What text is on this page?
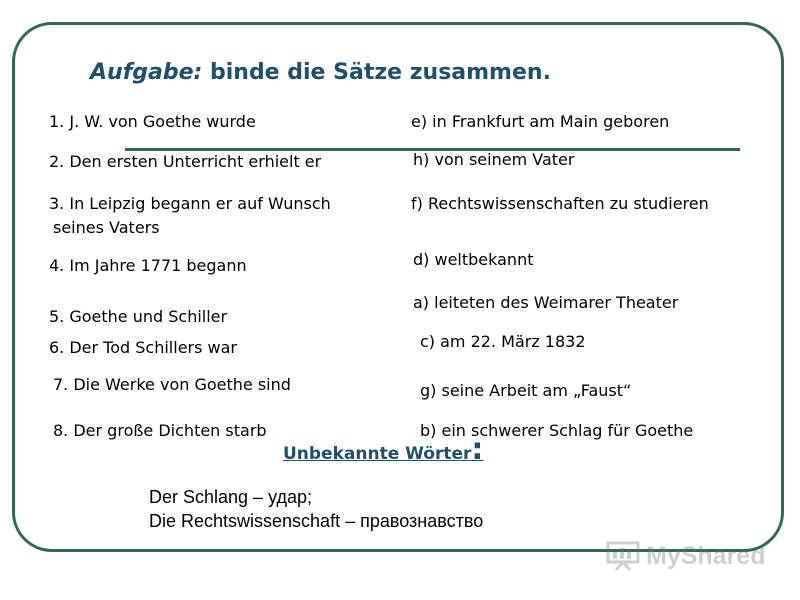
Aufgabe: binde die Sätze zusammen.

1. J. W. von Goethe wurde

2. Den ersten Unterricht erhielt er

3. In Leipzig begann er auf Wunsch

seines Vaters

4. Im Jahre 1771 begann

5. Goethe und Schiller

6. Der Tod Schillers war

7. Die Werke von Goethe sind

8. Der große Dichten starb

e) in Frankfurt am Main geboren

h) von seinem Vater

f) Rechtswissenschaften zu studieren

d) weltbekannt

a) leiteten des Weimarer Theater

c) am 22. März 1832

g) seine Arbeit am „Faust“

b) ein schwerer Schlag für Goethe

Unbekannte Wörter:

Der Schlang – удар;

Die Rechtswissenschaft – правознавство

MyShared
